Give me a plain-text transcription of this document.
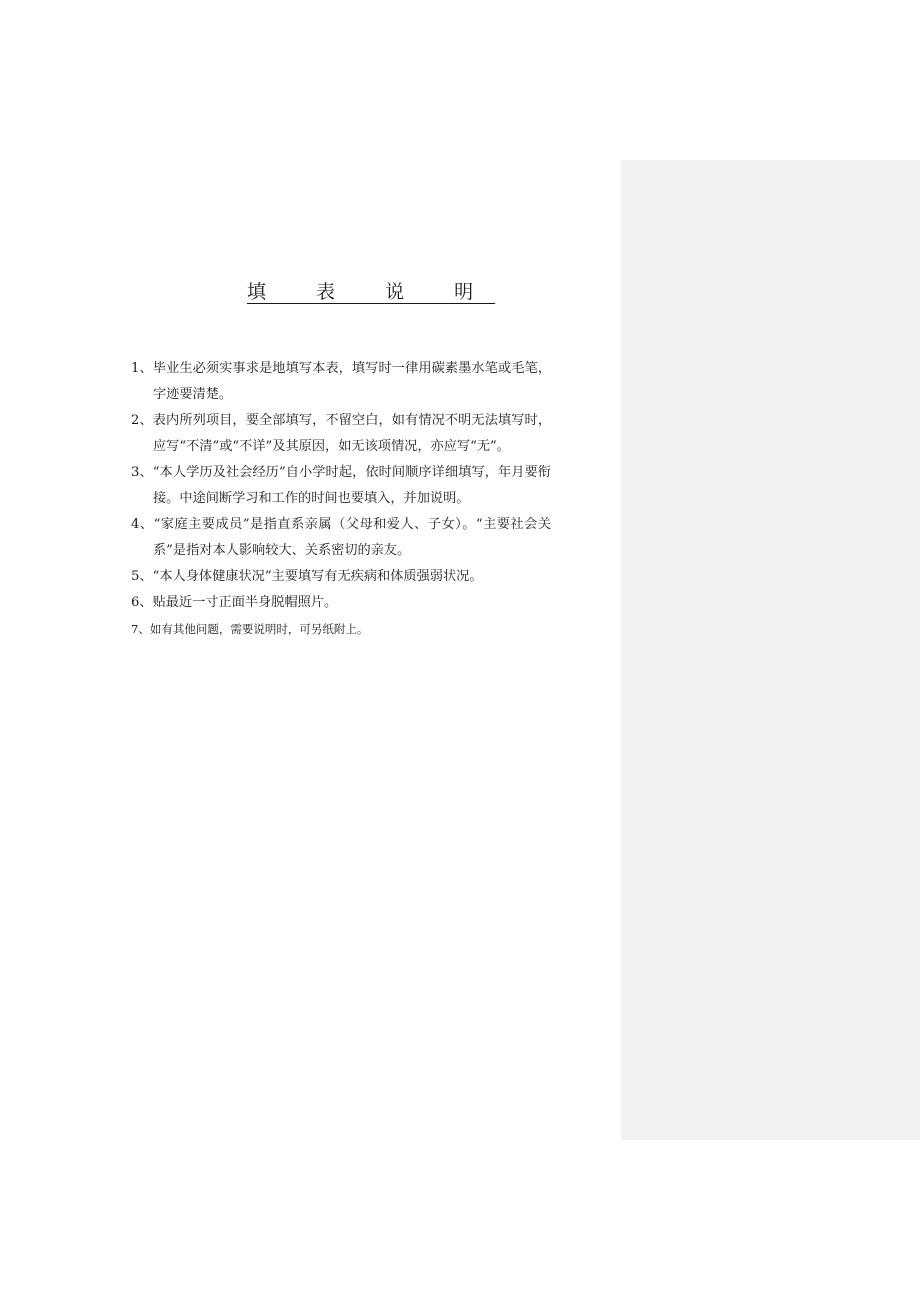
填 表 说 明
1、毕业生必须实事求是地填写本表，填写时一律用碳素墨水笔或毛笔，字迹要清楚。
2、表内所列项目，要全部填写，不留空白，如有情况不明无法填写时，应写“不清”或“不详”及其原因，如无该项情况，亦应写“无”。
3、“本人学历及社会经历”自小学时起，依时间顺序详细填写，年月要衔接。中途间断学习和工作的时间也要填入，并加说明。
4、“家庭主要成员”是指直系亲属（父母和爱人、子女）。“主要社会关系”是指对本人影响较大、关系密切的亲友。
5、“本人身体健康状况”主要填写有无疾病和体质强弱状况。
6、贴最近一寸正面半身脱帽照片。
7、如有其他问题，需要说明时，可另纸附上。
